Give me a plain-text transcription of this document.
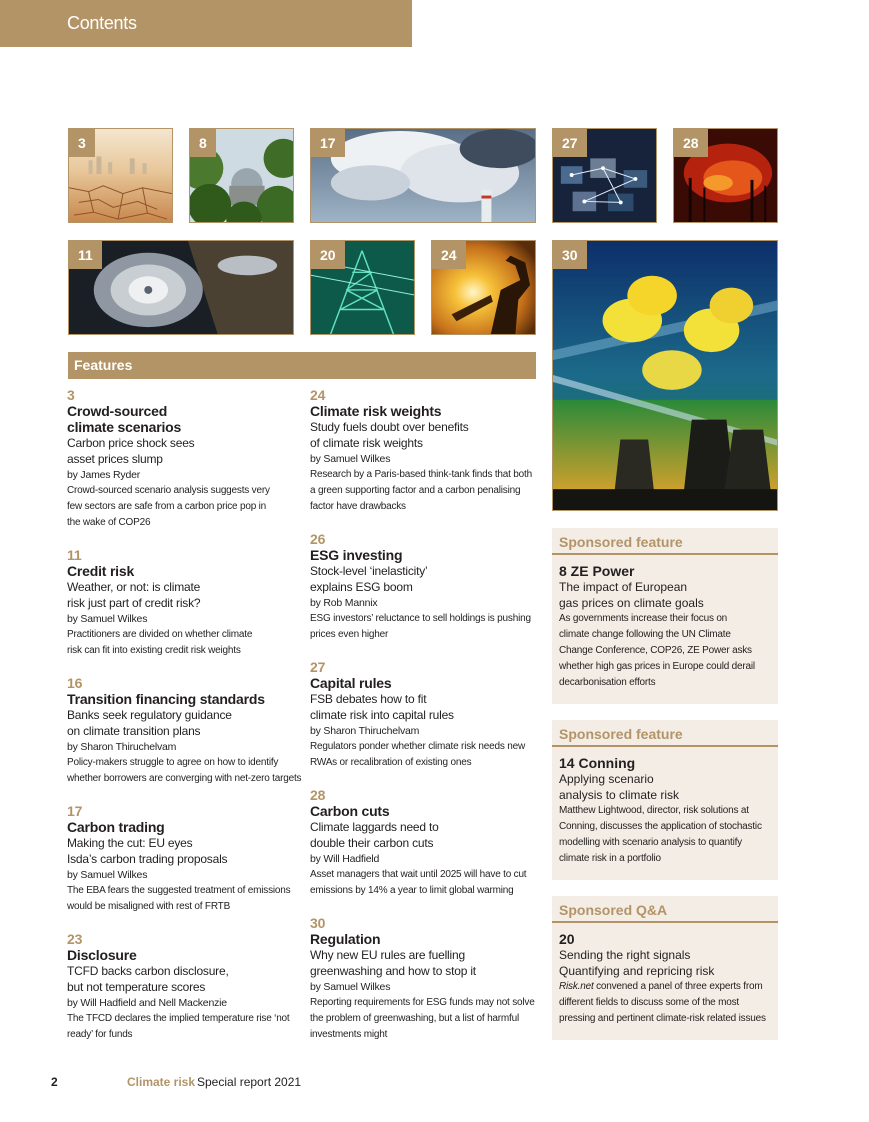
Contents
3	8	17	27	28
11	20	24	30
Features
3
Crowd-sourced
climate scenarios
Carbon price shock sees
asset prices slump
by James Ryder
Crowd-sourced scenario analysis suggests very
few sectors are safe from a carbon price pop in
the wake of COP26
11
Credit risk
Weather, or not: is climate
risk just part of credit risk?
by Samuel Wilkes
Practitioners are divided on whether climate
risk can fit into existing credit risk weights
16
Transition financing standards
Banks seek regulatory guidance
on climate transition plans
by Sharon Thiruchelvam
Policy-makers struggle to agree on how to identify
whether borrowers are converging with net-zero targets
17
Carbon trading
Making the cut: EU eyes
Isda’s carbon trading proposals
by Samuel Wilkes
The EBA fears the suggested treatment of emissions
would be misaligned with rest of FRTB
23
Disclosure
TCFD backs carbon disclosure,
but not temperature scores
by Will Hadfield and Nell Mackenzie
The TFCD declares the implied temperature rise ‘not
ready’ for funds
24
Climate risk weights
Study fuels doubt over benefits
of climate risk weights
by Samuel Wilkes
Research by a Paris-based think-tank finds that both
a green supporting factor and a carbon penalising
factor have drawbacks
26
ESG investing
Stock-level ‘inelasticity’
explains ESG boom
by Rob Mannix
ESG investors’ reluctance to sell holdings is pushing
prices even higher
27
Capital rules
FSB debates how to fit
climate risk into capital rules
by Sharon Thiruchelvam
Regulators ponder whether climate risk needs new
RWAs or recalibration of existing ones
28
Carbon cuts
Climate laggards need to
double their carbon cuts
by Will Hadfield
Asset managers that wait until 2025 will have to cut
emissions by 14% a year to limit global warming
30
Regulation
Why new EU rules are fuelling
greenwashing and how to stop it
by Samuel Wilkes
Reporting requirements for ESG funds may not solve
the problem of greenwashing, but a list of harmful
investments might
Sponsored feature
8 ZE Power
The impact of European
gas prices on climate goals
As governments increase their focus on
climate change following the UN Climate
Change Conference, COP26, ZE Power asks
whether high gas prices in Europe could derail
decarbonisation efforts
Sponsored feature
14 Conning
Applying scenario
analysis to climate risk
Matthew Lightwood, director, risk solutions at
Conning, discusses the application of stochastic
modelling with scenario analysis to quantify
climate risk in a portfolio
Sponsored Q&A
20
Sending the right signals
Quantifying and repricing risk
Risk.net convened a panel of three experts from
different fields to discuss some of the most
pressing and pertinent climate-risk related issues
2	Climate risk Special report 2021
